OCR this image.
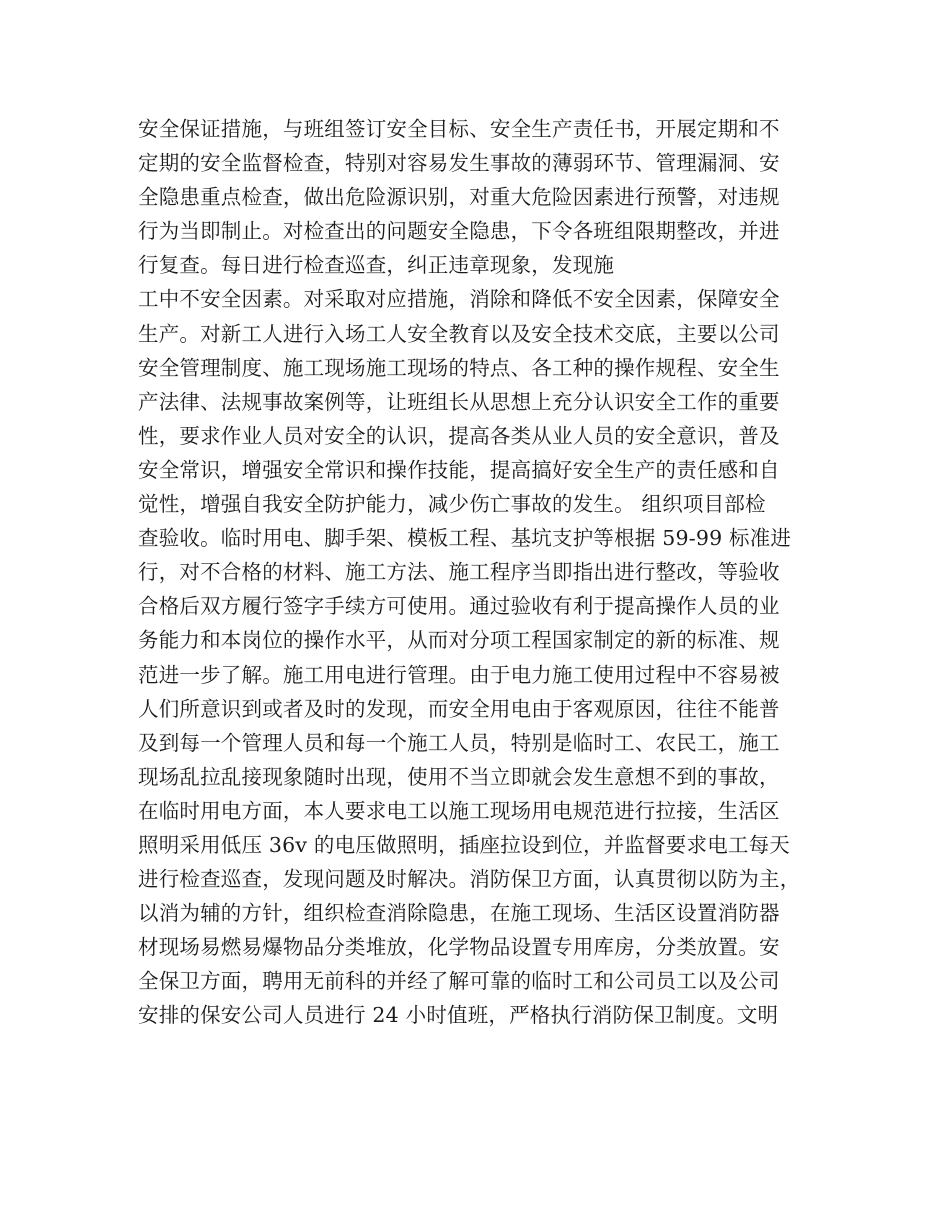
安全保证措施，与班组签订安全目标、安全生产责任书，开展定期和不
定期的安全监督检查，特别对容易发生事故的薄弱环节、管理漏洞、安
全隐患重点检查，做出危险源识别，对重大危险因素进行预警，对违规
行为当即制止。对检查出的问题安全隐患，下令各班组限期整改，并进
行复查。每日进行检查巡查，纠正违章现象，发现施
工中不安全因素。对采取对应措施，消除和降低不安全因素，保障安全
生产。对新工人进行入场工人安全教育以及安全技术交底，主要以公司
安全管理制度、施工现场施工现场的特点、各工种的操作规程、安全生
产法律、法规事故案例等，让班组长从思想上充分认识安全工作的重要
性，要求作业人员对安全的认识，提高各类从业人员的安全意识，普及
安全常识，增强安全常识和操作技能，提高搞好安全生产的责任感和自
觉性，增强自我安全防护能力，减少伤亡事故的发生。 组织项目部检
查验收。临时用电、脚手架、模板工程、基坑支护等根据 59-99 标准进
行，对不合格的材料、施工方法、施工程序当即指出进行整改，等验收
合格后双方履行签字手续方可使用。通过验收有利于提高操作人员的业
务能力和本岗位的操作水平，从而对分项工程国家制定的新的标准、规
范进一步了解。施工用电进行管理。由于电力施工使用过程中不容易被
人们所意识到或者及时的发现，而安全用电由于客观原因，往往不能普
及到每一个管理人员和每一个施工人员，特别是临时工、农民工，施工
现场乱拉乱接现象随时出现，使用不当立即就会发生意想不到的事故，
在临时用电方面，本人要求电工以施工现场用电规范进行拉接，生活区
照明采用低压 36v 的电压做照明，插座拉设到位，并监督要求电工每天
进行检查巡查，发现问题及时解决。消防保卫方面，认真贯彻以防为主，
以消为辅的方针，组织检查消除隐患，在施工现场、生活区设置消防器
材现场易燃易爆物品分类堆放，化学物品设置专用库房，分类放置。安
全保卫方面，聘用无前科的并经了解可靠的临时工和公司员工以及公司
安排的保安公司人员进行 24 小时值班，严格执行消防保卫制度。文明
